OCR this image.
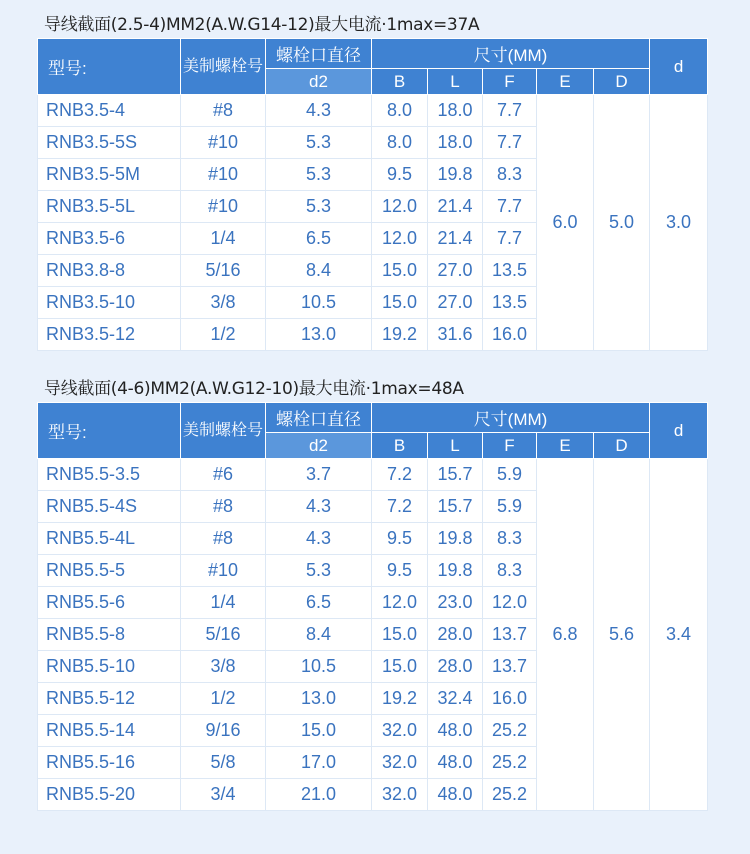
导线截面(2.5-4)MM2(A.W.G14-12)最大电流·1max=37A
型号:	美制螺栓号	螺栓口直径	尺寸(MM)					d
		d2	B	L	F	E	D	
RNB3.5-4	#8	4.3	8.0	18.0	7.7	6.0	5.0	3.0
RNB3.5-5S	#10	5.3	8.0	18.0	7.7			
RNB3.5-5M	#10	5.3	9.5	19.8	8.3			
RNB3.5-5L	#10	5.3	12.0	21.4	7.7			
RNB3.5-6	1/4	6.5	12.0	21.4	7.7			
RNB3.8-8	5/16	8.4	15.0	27.0	13.5			
RNB3.5-10	3/8	10.5	15.0	27.0	13.5			
RNB3.5-12	1/2	13.0	19.2	31.6	16.0			
导线截面(4-6)MM2(A.W.G12-10)最大电流·1max=48A
型号:	美制螺栓号	螺栓口直径	尺寸(MM)					d
		d2	B	L	F	E	D	
RNB5.5-3.5	#6	3.7	7.2	15.7	5.9	6.8	5.6	3.4
RNB5.5-4S	#8	4.3	7.2	15.7	5.9			
RNB5.5-4L	#8	4.3	9.5	19.8	8.3			
RNB5.5-5	#10	5.3	9.5	19.8	8.3			
RNB5.5-6	1/4	6.5	12.0	23.0	12.0			
RNB5.5-8	5/16	8.4	15.0	28.0	13.7			
RNB5.5-10	3/8	10.5	15.0	28.0	13.7			
RNB5.5-12	1/2	13.0	19.2	32.4	16.0			
RNB5.5-14	9/16	15.0	32.0	48.0	25.2			
RNB5.5-16	5/8	17.0	32.0	48.0	25.2			
RNB5.5-20	3/4	21.0	32.0	48.0	25.2			
